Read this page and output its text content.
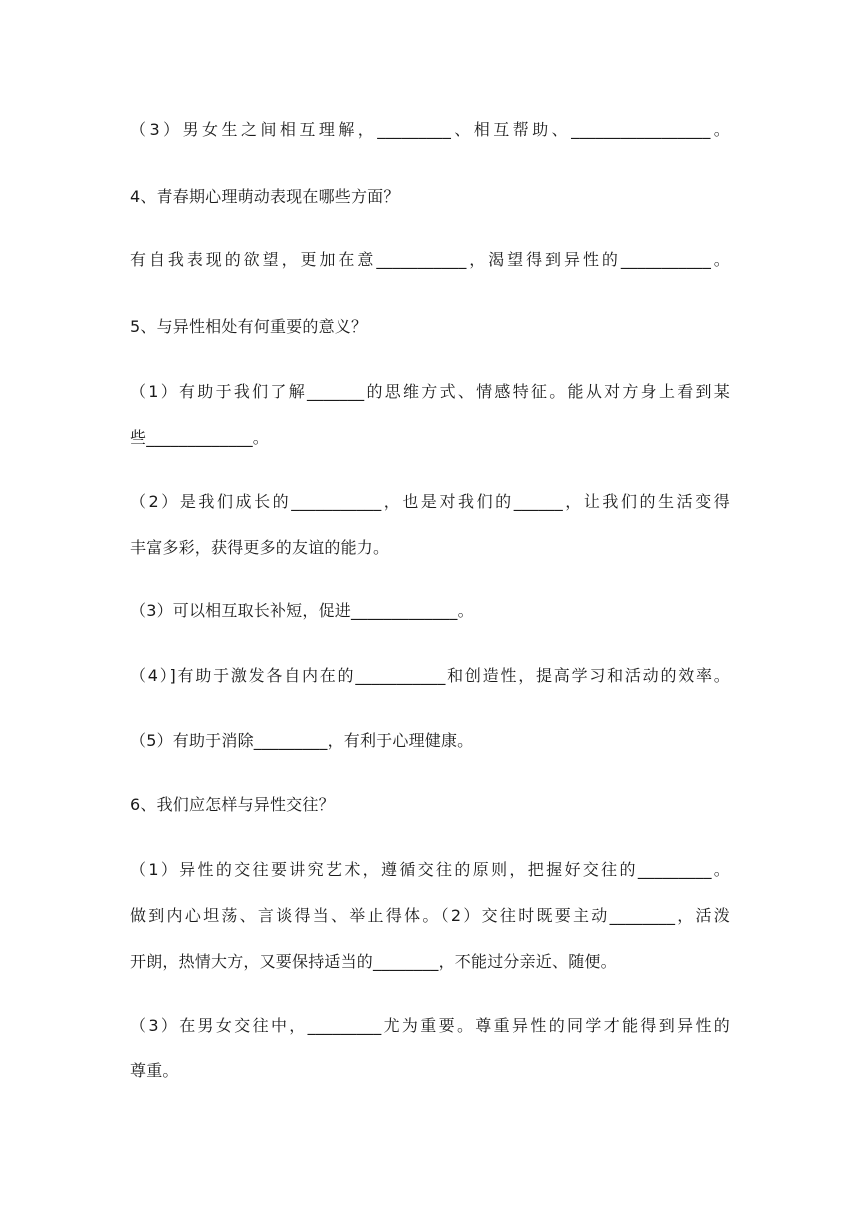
（3）男女生之间相互理解，_________、相互帮助、_________________。
4、青春期心理萌动表现在哪些方面？
有自我表现的欲望，更加在意___________，渴望得到异性的___________。
5、与异性相处有何重要的意义？
（1）有助于我们了解_______的思维方式、情感特征。能从对方身上看到某
些_____________。
（2）是我们成长的___________，也是对我们的______，让我们的生活变得
丰富多彩，获得更多的友谊的能力。
（3）可以相互取长补短，促进_____________。
（4）]有助于激发各自内在的___________和创造性，提高学习和活动的效率。
（5）有助于消除_________，有利于心理健康。
6、我们应怎样与异性交往？
（1）异性的交往要讲究艺术，遵循交往的原则，把握好交往的_________。
做到内心坦荡、言谈得当、举止得体。（2）交往时既要主动________，活泼
开朗，热情大方，又要保持适当的________，不能过分亲近、随便。
（3）在男女交往中，_________尤为重要。尊重异性的同学才能得到异性的
尊重。
